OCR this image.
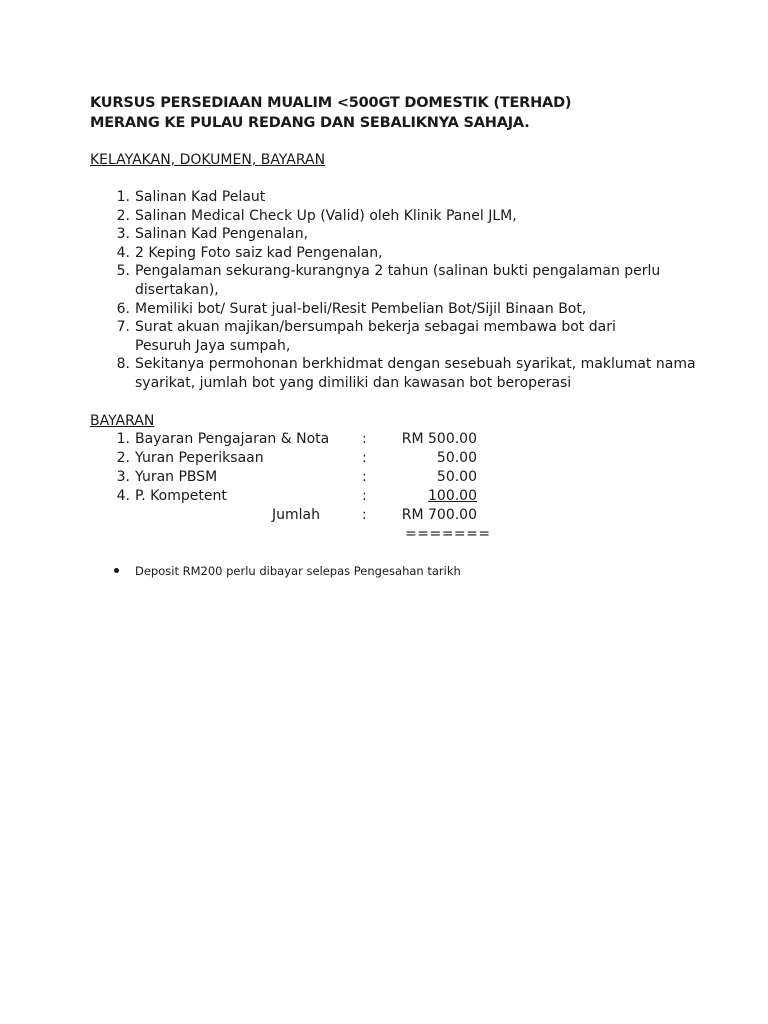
KURSUS PERSEDIAAN MUALIM <500GT DOMESTIK (TERHAD)
MERANG KE PULAU REDANG DAN SEBALIKNYA SAHAJA.
KELAYAKAN, DOKUMEN, BAYARAN
1. Salinan Kad Pelaut
2. Salinan Medical Check Up (Valid) oleh Klinik Panel JLM,
3. Salinan Kad Pengenalan,
4. 2 Keping Foto saiz kad Pengenalan,
5. Pengalaman sekurang-kurangnya 2 tahun (salinan bukti pengalaman perlu
disertakan),
6. Memiliki bot/ Surat jual-beli/Resit Pembelian Bot/Sijil Binaan Bot,
7. Surat akuan majikan/bersumpah bekerja sebagai membawa bot dari
Pesuruh Jaya sumpah,
8. Sekitanya permohonan berkhidmat dengan sesebuah syarikat, maklumat nama
syarikat, jumlah bot yang dimiliki dan kawasan bot beroperasi
BAYARAN
1. Bayaran Pengajaran & Nota :	RM 500.00
2. Yuran Peperiksaan	:	50.00
3. Yuran PBSM	:	50.00
4. P. Kompetent	:	100.00
Jumlah	:	RM 700.00
=======
Deposit RM200 perlu dibayar selepas Pengesahan tarikh
